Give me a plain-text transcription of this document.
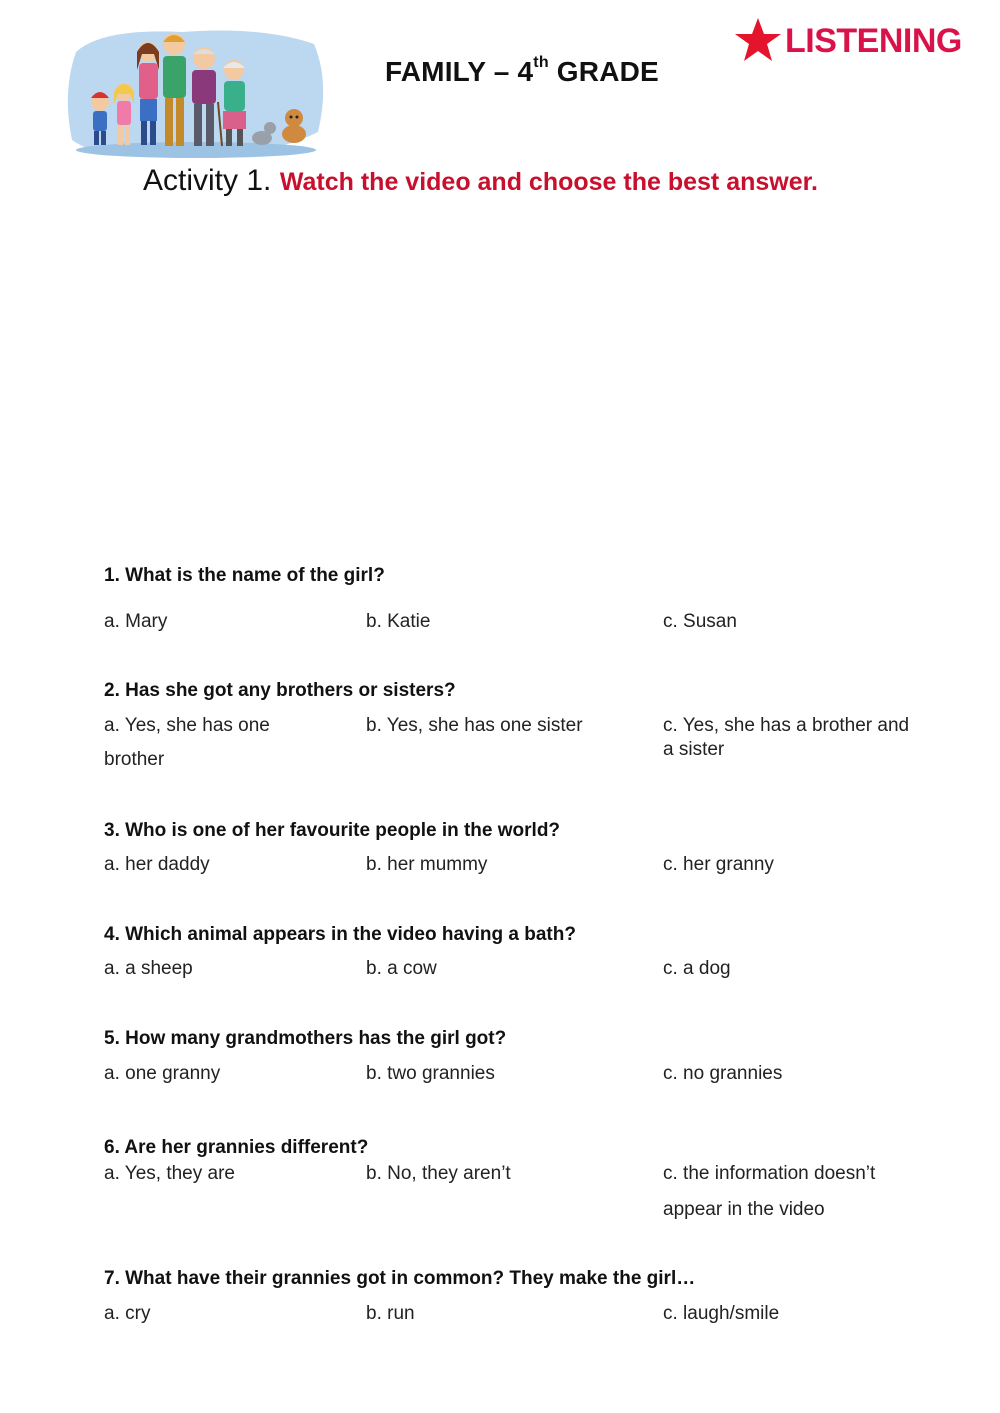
FAMILY – 4th GRADE
LISTENING
Activity 1. Watch the video and choose the best answer.
1. What is the name of the girl?
a. Mary	b. Katie	c. Susan
2. Has she got any brothers or sisters?
a. Yes, she has one
brother
b. Yes, she has one sister	c. Yes, she has a brother and
a sister
3. Who is one of her favourite people in the world?
a. her daddy	b. her mummy	c. her granny
4. Which animal appears in the video having a bath?
a. a sheep	b. a cow	c. a dog
5. How many grandmothers has the girl got?
a. one granny	b. two grannies	c. no grannies
6. Are her grannies different?
a. Yes, they are	b. No, they aren’t	c. the information doesn’t
appear in the video
7. What have their grannies got in common? They make the girl…
a. cry	b. run	c. laugh/smile
